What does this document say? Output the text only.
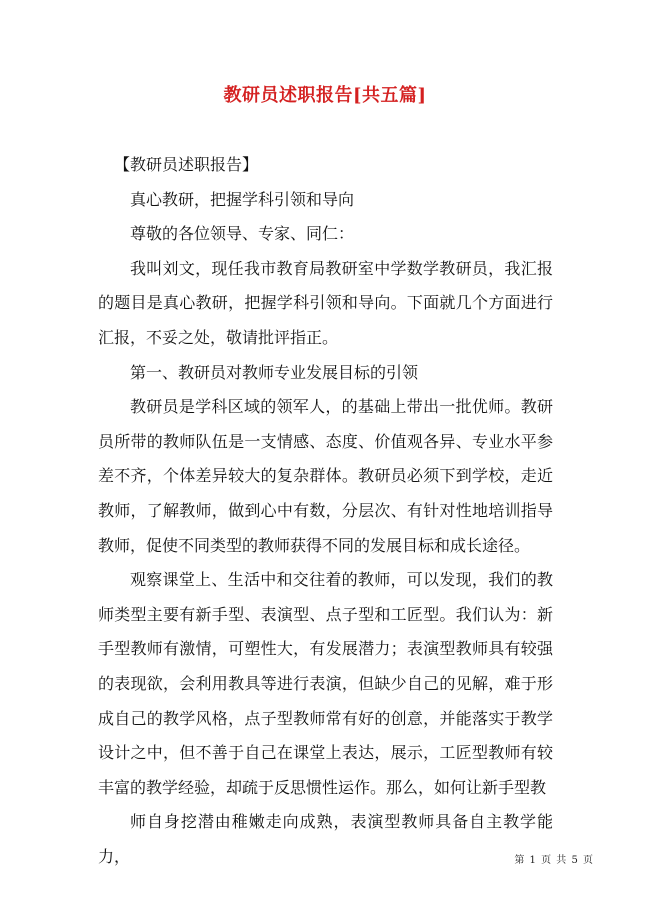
教研员述职报告[共五篇]

【教研员述职报告】

真心教研，把握学科引领和导向

尊敬的各位领导、专家、同仁：

我叫刘文，现任我市教育局教研室中学数学教研员，我汇报的题目是真心教研，把握学科引领和导向。下面就几个方面进行汇报，不妥之处，敬请批评指正。

第一、教研员对教师专业发展目标的引领

教研员是学科区域的领军人，的基础上带出一批优师。教研员所带的教师队伍是一支情感、态度、价值观各异、专业水平参差不齐，个体差异较大的复杂群体。教研员必须下到学校，走近教师，了解教师，做到心中有数，分层次、有针对性地培训指导教师，促使不同类型的教师获得不同的发展目标和成长途径。

观察课堂上、生活中和交往着的教师，可以发现，我们的教师类型主要有新手型、表演型、点子型和工匠型。我们认为：新手型教师有激情，可塑性大，有发展潜力；表演型教师具有较强的表现欲，会利用教具等进行表演，但缺少自己的见解，难于形成自己的教学风格，点子型教师常有好的创意，并能落实于教学设计之中，但不善于自己在课堂上表达，展示，工匠型教师有较丰富的教学经验，却疏于反思惯性运作。那么，如何让新手型教

师自身挖潜由稚嫩走向成熟，表演型教师具备自主教学能力，	第 1 页 共 5 页
